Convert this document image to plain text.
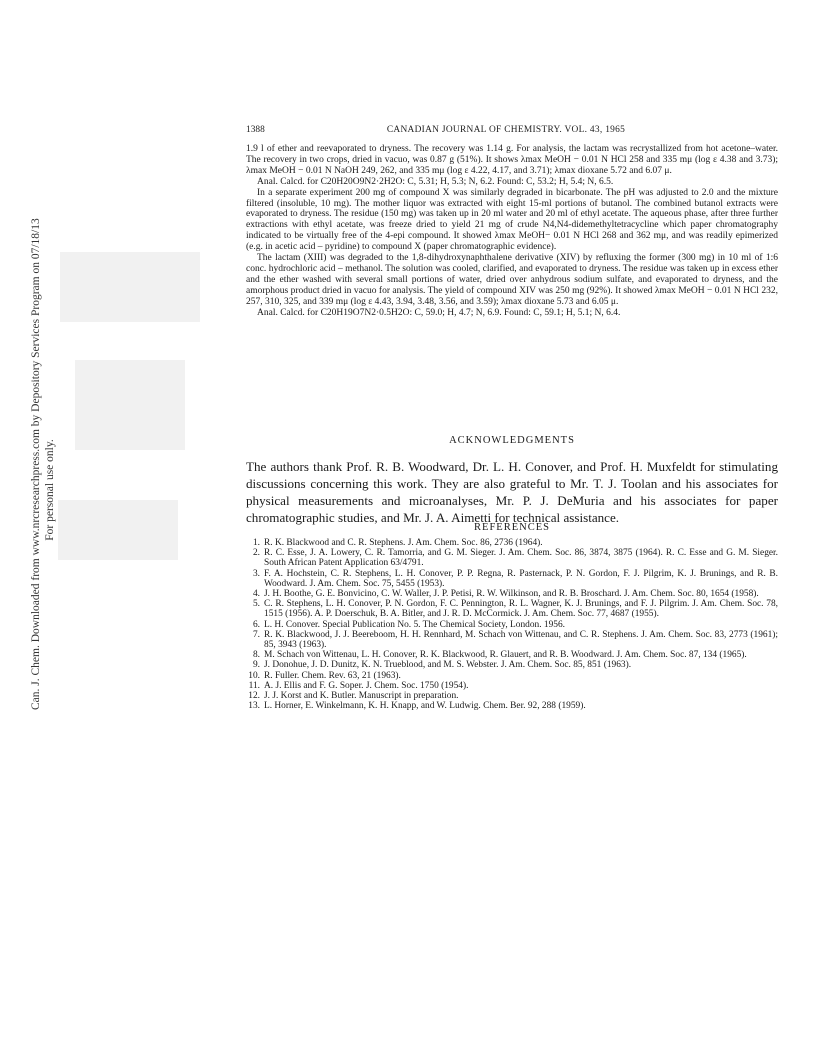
Can. J. Chem. Downloaded from www.nrcresearchpress.com by Depository Services Program on 07/18/13 For personal use only.
1388	CANADIAN JOURNAL OF CHEMISTRY. VOL. 43, 1965

1.9 l of ether and reevaporated to dryness. The recovery was 1.14 g. For analysis, the lactam was recrystallized from hot acetone–water. The recovery in two crops, dried in vacuo, was 0.87 g (51%). It shows λmax MeOH − 0.01 N HCl 258 and 335 mμ (log ε 4.38 and 3.73); λmax MeOH − 0.01 N NaOH 249, 262, and 335 mμ (log ε 4.22, 4.17, and 3.71); λmax dioxane 5.72 and 6.07 μ.

Anal. Calcd. for C20H20O9N2·2H2O: C, 5.31; H, 5.3; N, 6.2. Found: C, 53.2; H, 5.4; N, 6.5.

In a separate experiment 200 mg of compound X was similarly degraded in bicarbonate. The pH was adjusted to 2.0 and the mixture filtered (insoluble, 10 mg). The mother liquor was extracted with eight 15-ml portions of butanol. The combined butanol extracts were evaporated to dryness. The residue (150 mg) was taken up in 20 ml water and 20 ml of ethyl acetate. The aqueous phase, after three further extractions with ethyl acetate, was freeze dried to yield 21 mg of crude N4,N4-didemethyltetracycline which paper chromatography indicated to be virtually free of the 4-epi compound. It showed λmax MeOH− 0.01 N HCl 268 and 362 mμ, and was readily epimerized (e.g. in acetic acid – pyridine) to compound X (paper chromatographic evidence).

The lactam (XIII) was degraded to the 1,8-dihydroxynaphthalene derivative (XIV) by refluxing the former (300 mg) in 10 ml of 1:6 conc. hydrochloric acid – methanol. The solution was cooled, clarified, and evaporated to dryness. The residue was taken up in excess ether and the ether washed with several small portions of water, dried over anhydrous sodium sulfate, and evaporated to dryness, and the amorphous product dried in vacuo for analysis. The yield of compound XIV was 250 mg (92%). It showed λmax MeOH − 0.01 N HCl 232, 257, 310, 325, and 339 mμ (log ε 4.43, 3.94, 3.48, 3.56, and 3.59); λmax dioxane 5.73 and 6.05 μ.

Anal. Calcd. for C20H19O7N2·0.5H2O: C, 59.0; H, 4.7; N, 6.9. Found: C, 59.1; H, 5.1; N, 6.4.

ACKNOWLEDGMENTS
The authors thank Prof. R. B. Woodward, Dr. L. H. Conover, and Prof. H. Muxfeldt for stimulating discussions concerning this work. They are also grateful to Mr. T. J. Toolan and his associates for physical measurements and microanalyses, Mr. P. J. DeMuria and his associates for paper chromatographic studies, and Mr. J. A. Aimetti for technical assistance.
REFERENCES
1. R. K. Blackwood and C. R. Stephens. J. Am. Chem. Soc. 86, 2736 (1964).
2. R. C. Esse, J. A. Lowery, C. R. Tamorria, and G. M. Sieger. J. Am. Chem. Soc. 86, 3874, 3875 (1964). R. C. Esse and G. M. Sieger. South African Patent Application 63/4791.
3. F. A. Hochstein, C. R. Stephens, L. H. Conover, P. P. Regna, R. Pasternack, P. N. Gordon, F. J. Pilgrim, K. J. Brunings, and R. B. Woodward. J. Am. Chem. Soc. 75, 5455 (1953).
4. J. H. Boothe, G. E. Bonvicino, C. W. Waller, J. P. Petisi, R. W. Wilkinson, and R. B. Broschard. J. Am. Chem. Soc. 80, 1654 (1958).
5. C. R. Stephens, L. H. Conover, P. N. Gordon, F. C. Pennington, R. L. Wagner, K. J. Brunings, and F. J. Pilgrim. J. Am. Chem. Soc. 78, 1515 (1956). A. P. Doerschuk, B. A. Bitler, and J. R. D. McCormick. J. Am. Chem. Soc. 77, 4687 (1955).
6. L. H. Conover. Special Publication No. 5. The Chemical Society, London. 1956.
7. R. K. Blackwood, J. J. Beereboom, H. H. Rennhard, M. Schach von Wittenau, and C. R. Stephens. J. Am. Chem. Soc. 83, 2773 (1961); 85, 3943 (1963).
8. M. Schach von Wittenau, L. H. Conover, R. K. Blackwood, R. Glauert, and R. B. Woodward. J. Am. Chem. Soc. 87, 134 (1965).
9. J. Donohue, J. D. Dunitz, K. N. Trueblood, and M. S. Webster. J. Am. Chem. Soc. 85, 851 (1963).
10. R. Fuller. Chem. Rev. 63, 21 (1963).
11. A. J. Ellis and F. G. Soper. J. Chem. Soc. 1750 (1954).
12. J. J. Korst and K. Butler. Manuscript in preparation.
13. L. Horner, E. Winkelmann, K. H. Knapp, and W. Ludwig. Chem. Ber. 92, 288 (1959).
